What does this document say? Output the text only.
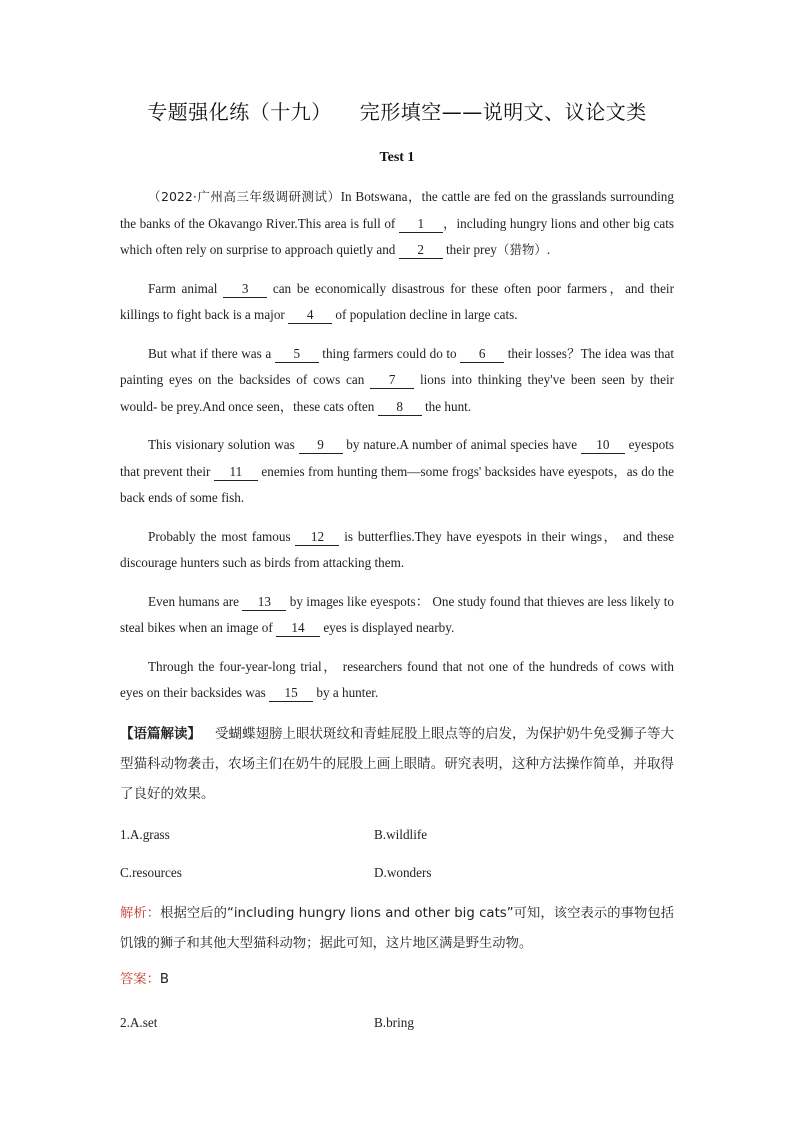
专题强化练（十九） 完形填空——说明文、议论文类
Test 1

（2022·广州高三年级调研测试）In Botswana，the cattle are fed on the grasslands surrounding the banks of the Okavango River.This area is full of 1 ，including hungry lions and other big cats which often rely on surprise to approach quietly and 2 their prey（猎物）.

Farm animal 3 can be economically disastrous for these often poor farmers，and their killings to fight back is a major 4 of population decline in large cats.

But what if there was a 5 thing farmers could do to 6 their losses？The idea was that painting eyes on the backsides of cows can 7 lions into thinking they've been seen by their would- be prey.And once seen，these cats often 8 the hunt.

This visionary solution was 9 by nature.A number of animal species have 10 eyespots that prevent their 11 enemies from hunting them—some frogs' backsides have eyespots，as do the back ends of some fish.

Probably the most famous 12 is butterflies.They have eyespots in their wings， and these discourage hunters such as birds from attacking them.

Even humans are 13 by images like eyespots： One study found that thieves are less likely to steal bikes when an image of 14 eyes is displayed nearby.

Through the four-year-long trial， researchers found that not one of the hundreds of cows with eyes on their backsides was 15 by a hunter.

【语篇解读】 受蝴蝶翅膀上眼状斑纹和青蛙屁股上眼点等的启发，为保护奶牛免受狮子等大型猫科动物袭击，农场主们在奶牛的屁股上画上眼睛。研究表明，这种方法操作简单，并取得了良好的效果。
1.A.grass	B.wildlife
C.resources	D.wonders
解析：根据空后的“including hungry lions and other big cats”可知，该空表示的事物包括饥饿的狮子和其他大型猫科动物；据此可知，这片地区满是野生动物。
答案：B
2.A.set	B.bring
